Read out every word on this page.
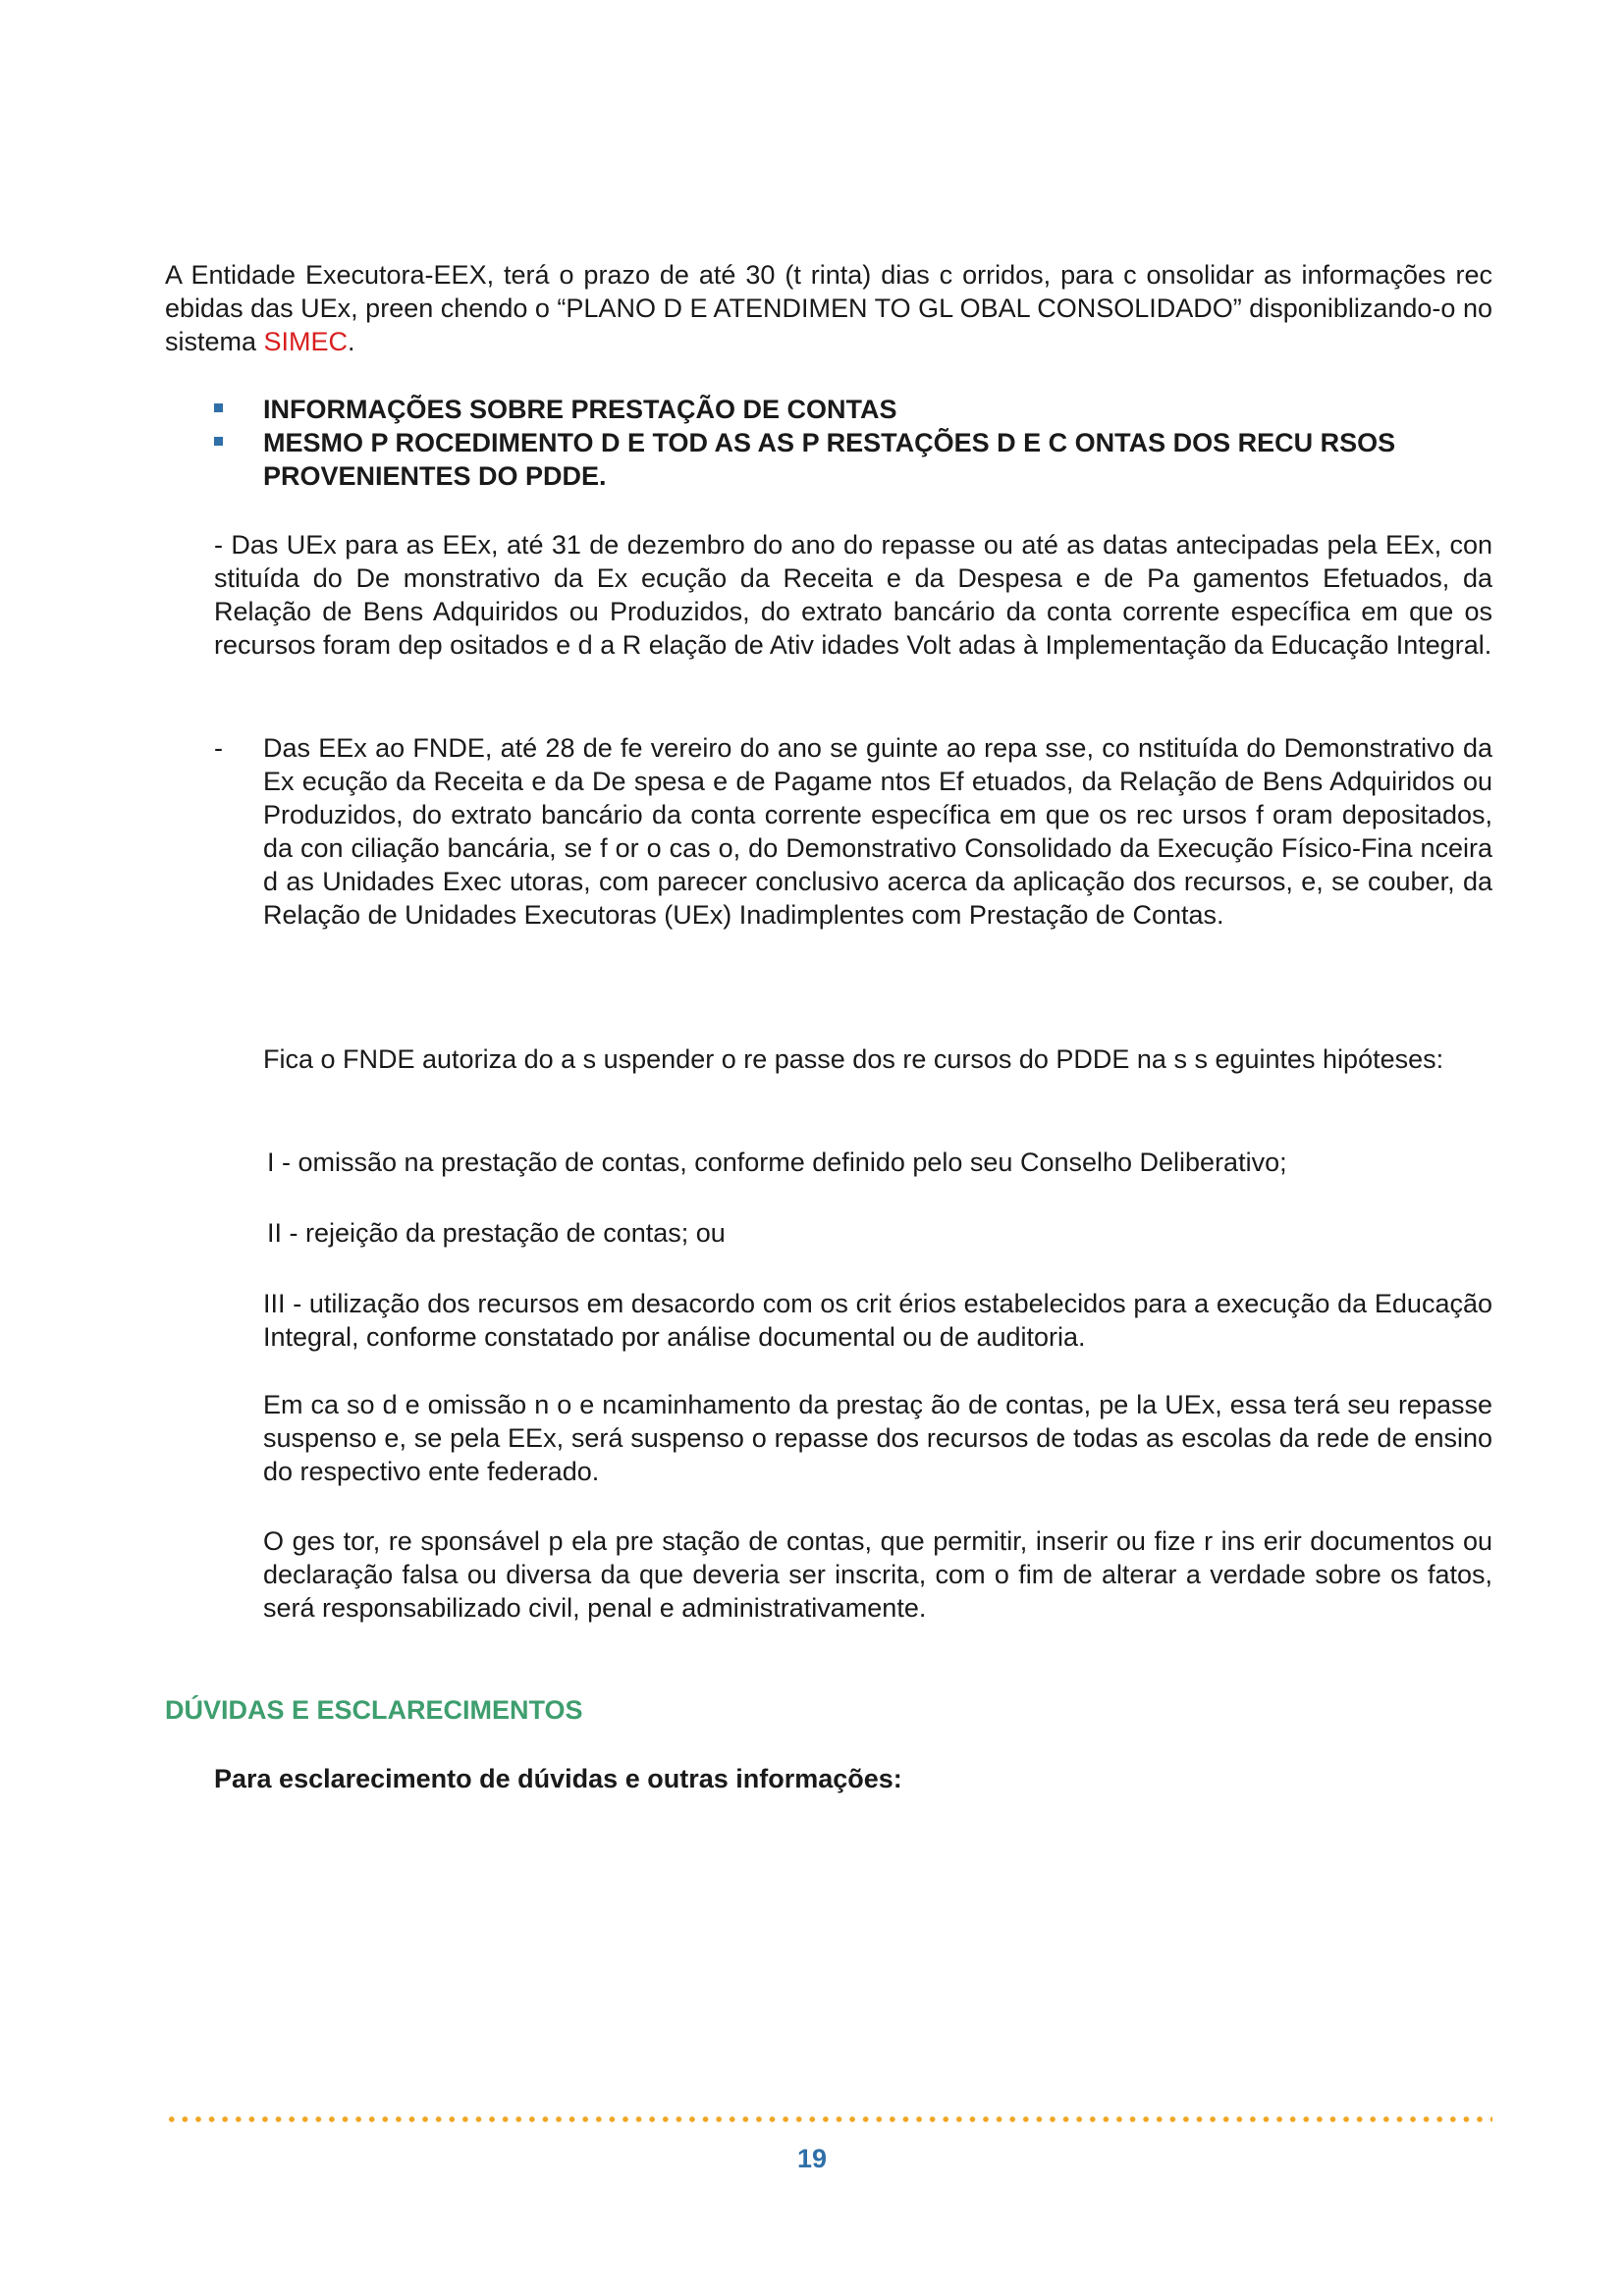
A Entidade Executora-EEX, terá o prazo de até 30 (t rinta) dias c orridos, para c onsolidar as informações rec ebidas das UEx, preen chendo o “PLANO D E ATENDIMEN TO GL OBAL CONSOLIDADO” disponiblizando-o no sistema SIMEC.

INFORMAÇÕES SOBRE PRESTAÇÃO DE CONTAS
MESMO P ROCEDIMENTO D E TOD AS AS P RESTAÇÕES D E C ONTAS DOS RECU RSOS PROVENIENTES DO PDDE.

- Das UEx para as EEx, até 31 de dezembro do ano do repasse ou até as datas antecipadas pela EEx, con stituída do De monstrativo da Ex ecução da Receita e da Despesa e de Pa gamentos Efetuados, da Relação de Bens Adquiridos ou Produzidos, do extrato bancário da conta corrente específica em que os recursos foram dep ositados e d a R elação de Ativ idades Volt adas à Implementação da Educação Integral.

- Das EEx ao FNDE, até 28 de fe vereiro do ano se guinte ao repa sse, co nstituída do Demonstrativo da Ex ecução da Receita e da De spesa e de Pagame ntos Ef etuados, da Relação de Bens Adquiridos ou Produzidos, do extrato bancário da conta corrente específica em que os rec ursos f oram depositados, da con ciliação bancária, se f or o cas o, do Demonstrativo Consolidado da Execução Físico-Fina nceira d as Unidades Exec utoras, com parecer conclusivo acerca da aplicação dos recursos, e, se couber, da Relação de Unidades Executoras (UEx) Inadimplentes com Prestação de Contas.

Fica o FNDE autoriza do a s uspender o re passe dos re cursos do PDDE na s s eguintes hipóteses:

I - omissão na prestação de contas, conforme definido pelo seu Conselho Deliberativo;

II - rejeição da prestação de contas; ou

III - utilização dos recursos em desacordo com os crit érios estabelecidos para a execução da Educação Integral, conforme constatado por análise documental ou de auditoria.

Em ca so d e omissão n o e ncaminhamento da prestaç ão de contas, pe la UEx, essa terá seu repasse suspenso e, se pela EEx, será suspenso o repasse dos recursos de todas as escolas da rede de ensino do respectivo ente federado.

O ges tor, re sponsável p ela pre stação de contas, que permitir, inserir ou fize r ins erir documentos ou declaração falsa ou diversa da que deveria ser inscrita, com o fim de alterar a verdade sobre os fatos, será responsabilizado civil, penal e administrativamente.

DÚVIDAS E ESCLARECIMENTOS

Para esclarecimento de dúvidas e outras informações:

19
